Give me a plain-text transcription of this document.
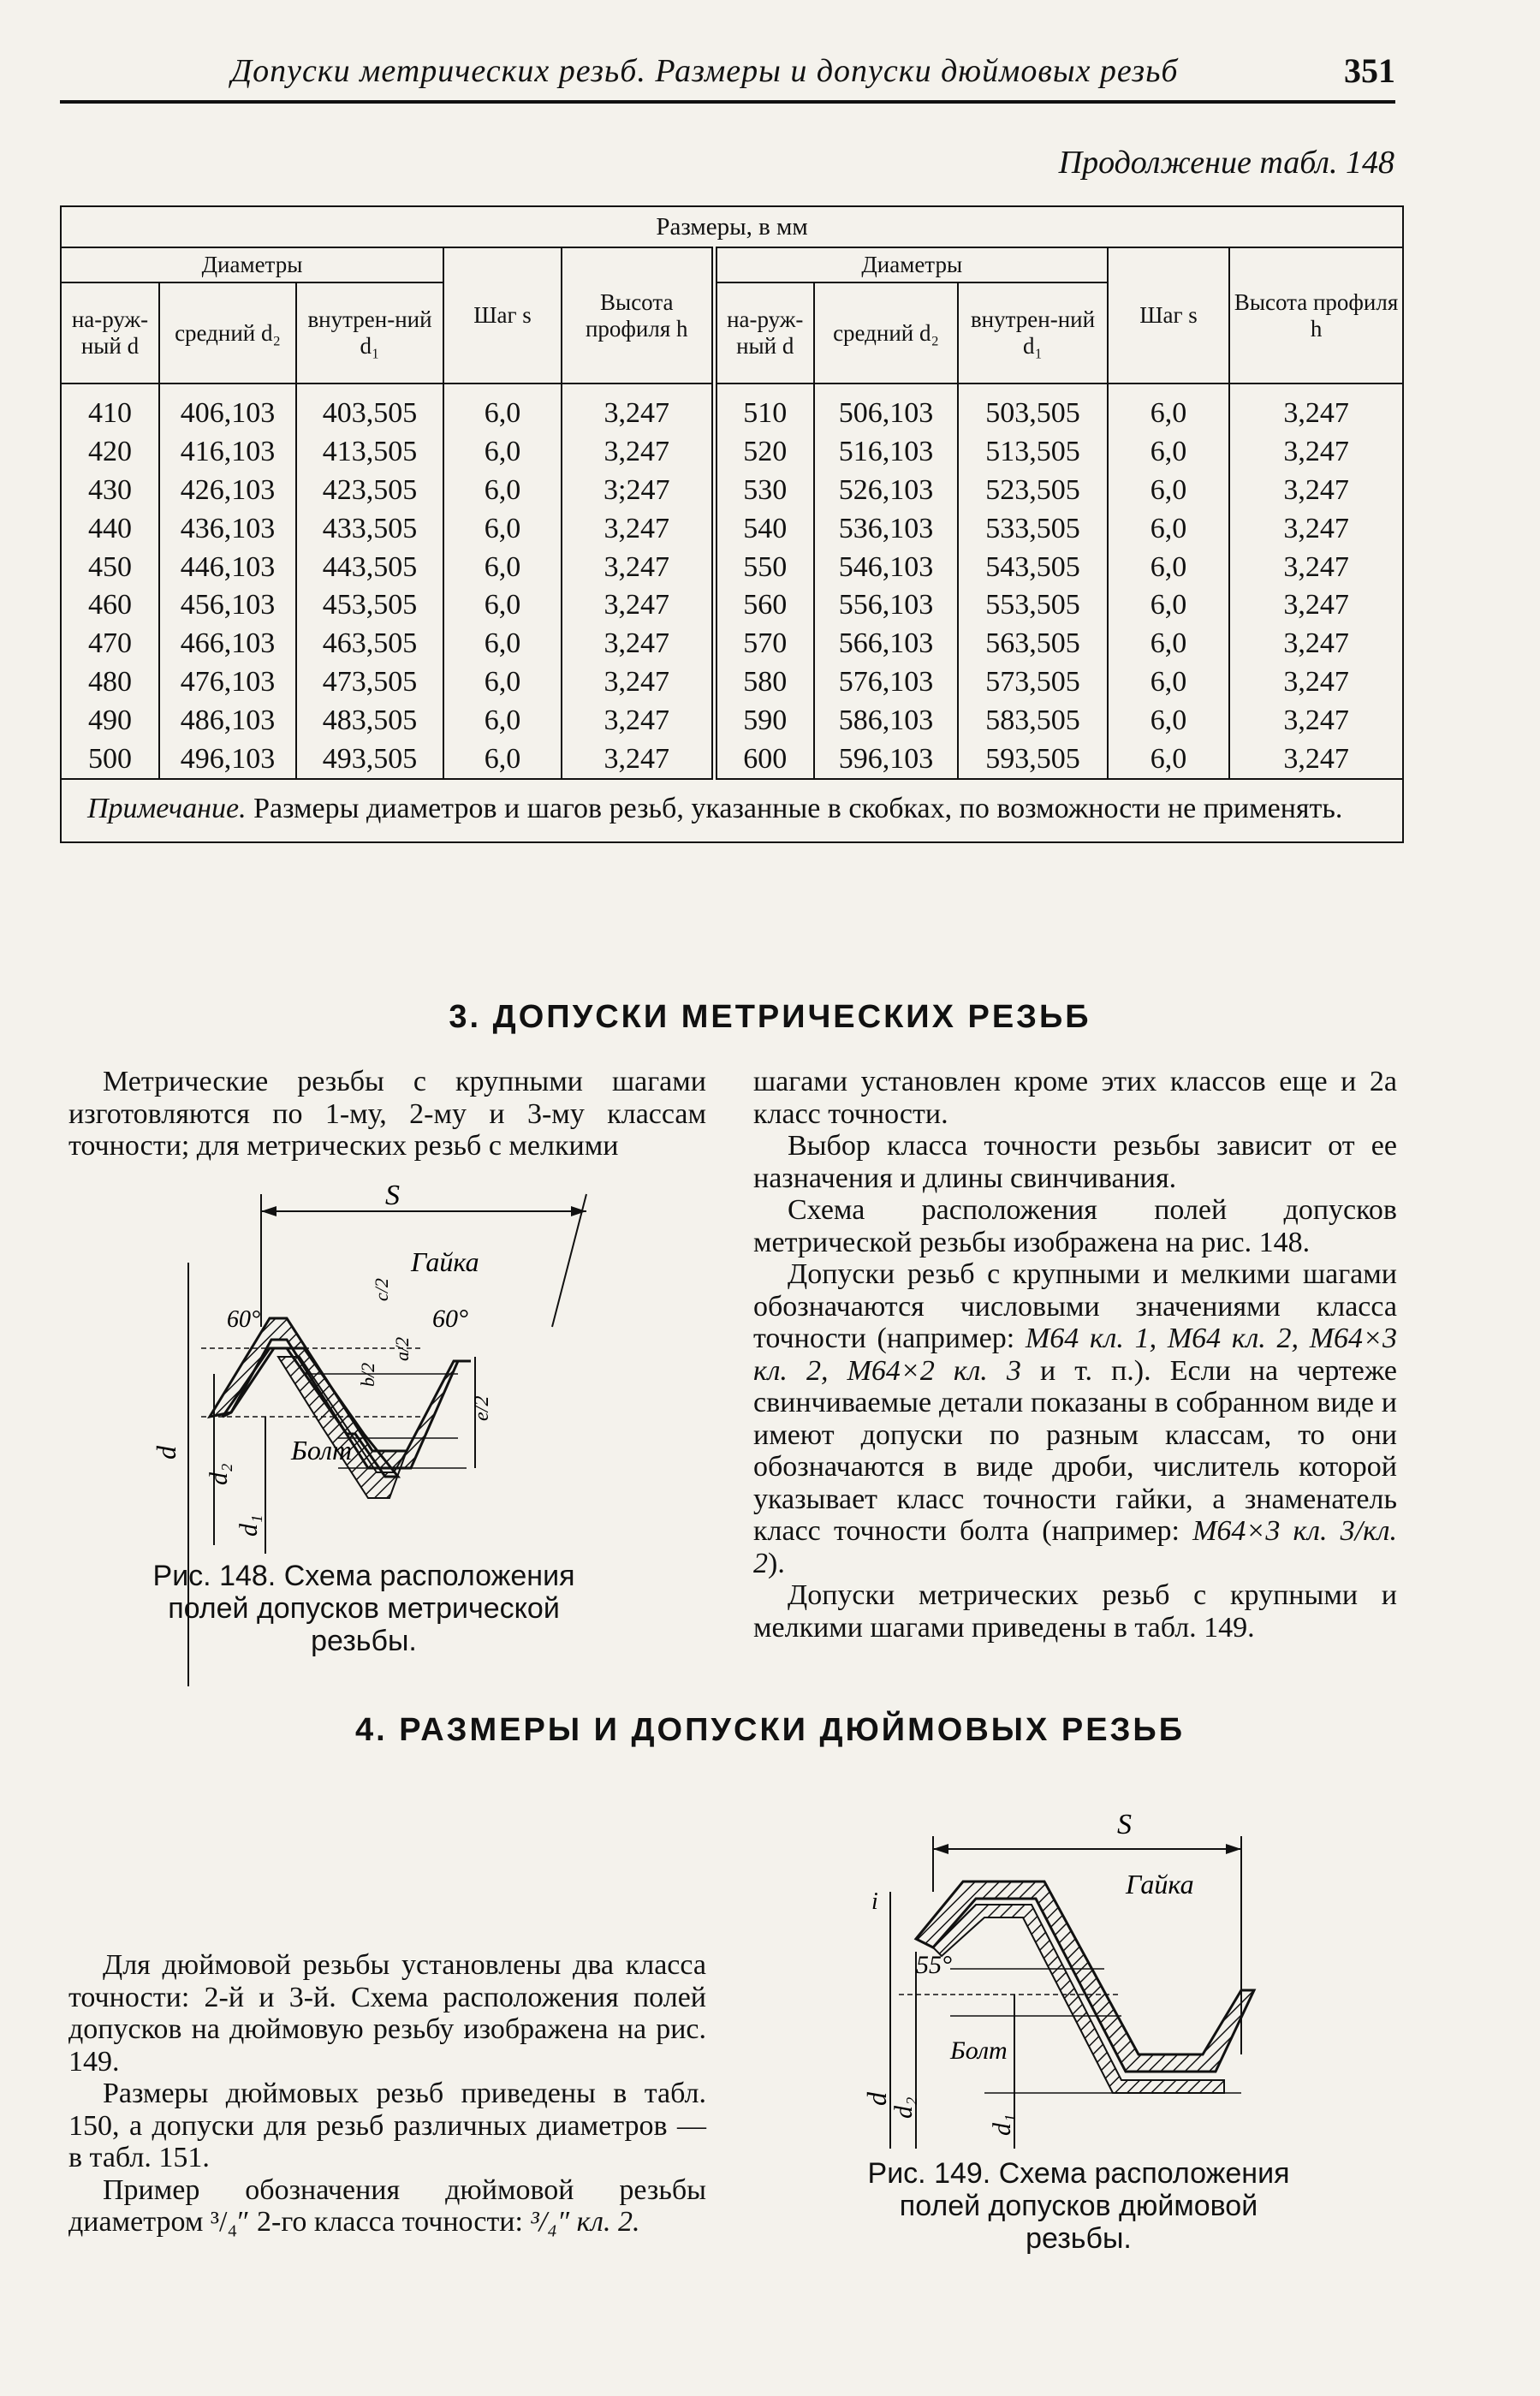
Допуски метрических резьб. Размеры и допуски дюймовых резьб	351
Продолжение табл. 148
Размеры, в мм									
Диаметры			Шаг s	Высота профиля h	Диаметры			Шаг s	Высота профиля h
на-руж-ный d	средний d₂	внутрен-ний d₁			на-руж-ный d	средний d₂	внутрен-ний d₁		
410	406,103	403,505	6,0	3,247	510	506,103	503,505	6,0	3,247
420	416,103	413,505	6,0	3,247	520	516,103	513,505	6,0	3,247
430	426,103	423,505	6,0	3;247	530	526,103	523,505	6,0	3,247
440	436,103	433,505	6,0	3,247	540	536,103	533,505	6,0	3,247
450	446,103	443,505	6,0	3,247	550	546,103	543,505	6,0	3,247
460	456,103	453,505	6,0	3,247	560	556,103	553,505	6,0	3,247
470	466,103	463,505	6,0	3,247	570	566,103	563,505	6,0	3,247
480	476,103	473,505	6,0	3,247	580	576,103	573,505	6,0	3,247
490	486,103	483,505	6,0	3,247	590	586,103	583,505	6,0	3,247
500	496,103	493,505	6,0	3,247	600	596,103	593,505	6,0	3,247
Примечание. Размеры диаметров и шагов резьб, указанные в скобках, по возможности не применять.									
3. ДОПУСКИ МЕТРИЧЕСКИХ РЕЗЬБ

Метрические резьбы с крупными шагами изготовляются по 1-му, 2-му и 3-му классам точности; для метрических резьб с мелкими

S
Гайка
60°
60°
Болт
d
d₂
d₁
e/2
c/2
b/2
a/2
Рис. 148. Схема расположения полей допусков метрической резьбы.

шагами установлен кроме этих классов еще и 2а класс точности.

Выбор класса точности резьбы зависит от ее назначения и длины свинчивания.

Схема расположения полей допусков метрической резьбы изображена на рис. 148.

Допуски резьб с крупными и мелкими шагами обозначаются числовыми значениями класса точности (например: М64 кл. 1, М64 кл. 2, М64×3 кл. 2, М64×2 кл. 3 и т. п.). Если на чертеже свинчиваемые детали показаны в собранном виде и имеют допуски по разным классам, то они обозначаются в виде дроби, числитель которой указывает класс точности гайки, а знаменатель класс точности болта (например: М64×3 кл. 3/кл. 2).

Допуски метрических резьб с крупными и мелкими шагами приведены в табл. 149.

4. РАЗМЕРЫ И ДОПУСКИ ДЮЙМОВЫХ РЕЗЬБ

Для дюймовой резьбы установлены два класса точности: 2-й и 3-й. Схема расположения полей допусков на дюймовую резьбу изображена на рис. 149.

Размеры дюймовых резьб приведены в табл. 150, а допуски для резьб различных диаметров — в табл. 151.

Пример обозначения дюймовой резьбы диаметром ³/₄″ 2-го класса точности: ³/₄″ кл. 2.

S
Гайка
55°
Болт
i
d
d₂
d₁
Рис. 149. Схема расположения полей допусков дюймовой резьбы.
